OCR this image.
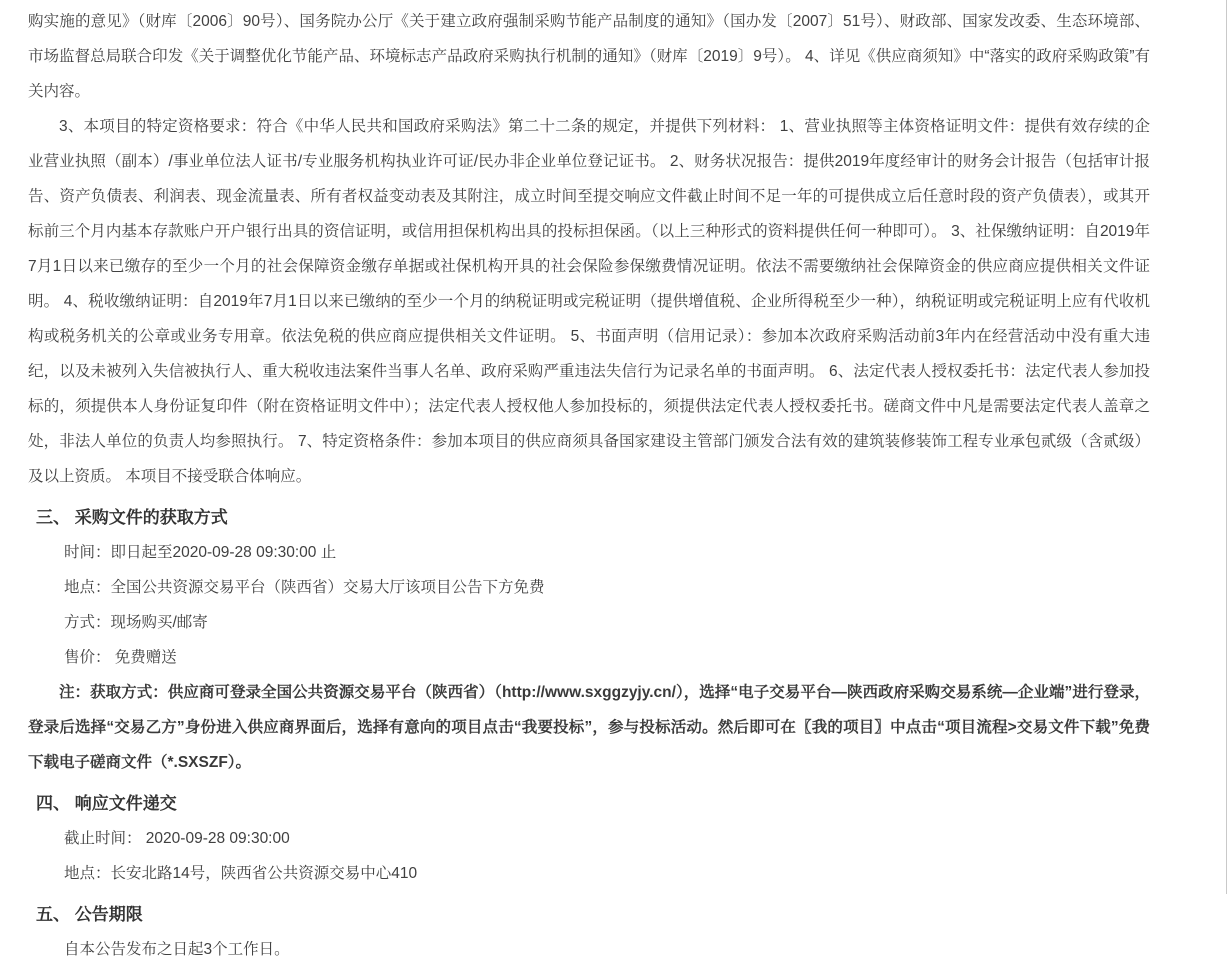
购实施的意见》（财库〔2006〕90号）、国务院办公厅《关于建立政府强制采购节能产品制度的通知》（国办发〔2007〕51号）、财政部、国家发改委、生态环境部、市场监督总局联合印发《关于调整优化节能产品、环境标志产品政府采购执行机制的通知》（财库〔2019〕9号）。 4、详见《供应商须知》中“落实的政府采购政策”有关内容。

3、本项目的特定资格要求：符合《中华人民共和国政府采购法》第二十二条的规定，并提供下列材料： 1、营业执照等主体资格证明文件：提供有效存续的企业营业执照（副本）/事业单位法人证书/专业服务机构执业许可证/民办非企业单位登记证书。 2、财务状况报告：提供2019年度经审计的财务会计报告（包括审计报告、资产负债表、利润表、现金流量表、所有者权益变动表及其附注，成立时间至提交响应文件截止时间不足一年的可提供成立后任意时段的资产负债表），或其开标前三个月内基本存款账户开户银行出具的资信证明，或信用担保机构出具的投标担保函。（以上三种形式的资料提供任何一种即可）。 3、社保缴纳证明：自2019年7月1日以来已缴存的至少一个月的社会保障资金缴存单据或社保机构开具的社会保险参保缴费情况证明。依法不需要缴纳社会保障资金的供应商应提供相关文件证明。 4、税收缴纳证明：自2019年7月1日以来已缴纳的至少一个月的纳税证明或完税证明（提供增值税、企业所得税至少一种），纳税证明或完税证明上应有代收机构或税务机关的公章或业务专用章。依法免税的供应商应提供相关文件证明。 5、书面声明（信用记录）：参加本次政府采购活动前3年内在经营活动中没有重大违纪，以及未被列入失信被执行人、重大税收违法案件当事人名单、政府采购严重违法失信行为记录名单的书面声明。 6、法定代表人授权委托书：法定代表人参加投标的，须提供本人身份证复印件（附在资格证明文件中）；法定代表人授权他人参加投标的，须提供法定代表人授权委托书。磋商文件中凡是需要法定代表人盖章之处，非法人单位的负责人均参照执行。 7、特定资格条件：参加本项目的供应商须具备国家建设主管部门颁发合法有效的建筑装修装饰工程专业承包贰级（含贰级）及以上资质。 本项目不接受联合体响应。

三、 采购文件的获取方式

时间：即日起至2020-09-28 09:30:00 止

地点：全国公共资源交易平台（陕西省）交易大厅该项目公告下方免费

方式：现场购买/邮寄

售价： 免费赠送

注：获取方式：供应商可登录全国公共资源交易平台（陕西省）（http://www.sxggzyjy.cn/），选择“电子交易平台—陕西政府采购交易系统—企业端”进行登录，登录后选择“交易乙方”身份进入供应商界面后，选择有意向的项目点击“我要投标”，参与投标活动。然后即可在〖我的项目〗中点击“项目流程>交易文件下载”免费下载电子磋商文件（*.SXSZF）。

四、 响应文件递交

截止时间： 2020-09-28 09:30:00

地点：长安北路14号，陕西省公共资源交易中心410

五、 公告期限

自本公告发布之日起3个工作日。
